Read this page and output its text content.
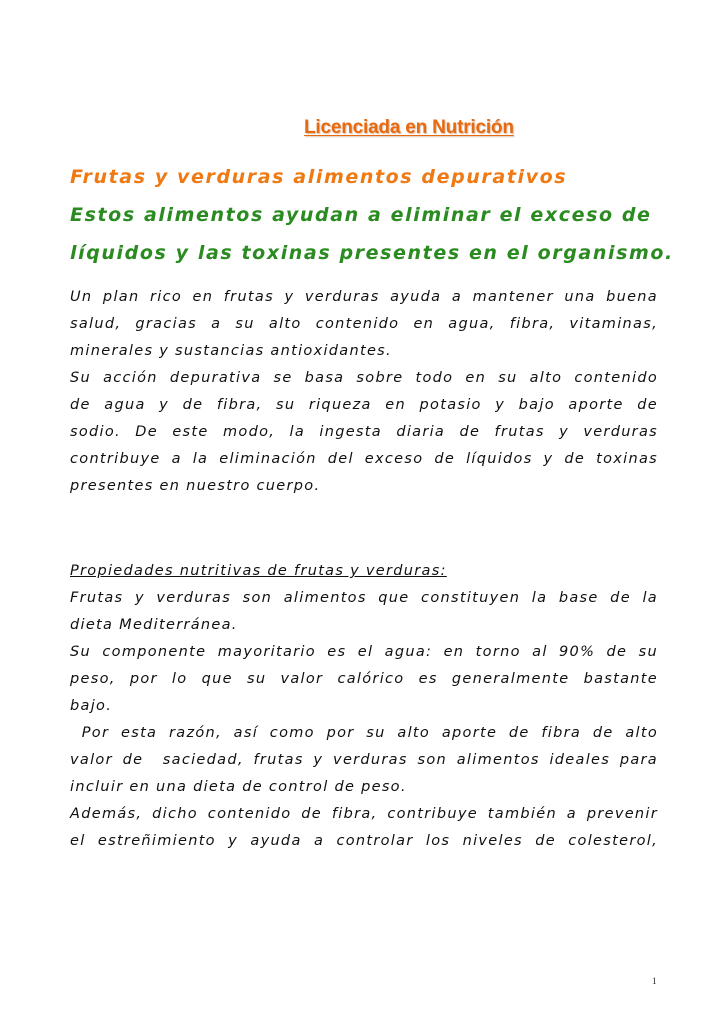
Licenciada en Nutrición
Frutas y verduras alimentos depurativos
Estos alimentos ayudan a eliminar el exceso de
líquidos y las toxinas presentes en el organismo.
Un plan rico en frutas y verduras ayuda a mantener una buena
salud, gracias a su alto contenido en agua, fibra, vitaminas,
minerales y sustancias antioxidantes.
Su acción depurativa se basa sobre todo en su alto contenido
de agua y de fibra, su riqueza en potasio y bajo aporte de
sodio. De este modo, la ingesta diaria de frutas y verduras
contribuye a la eliminación del exceso de líquidos y de toxinas
presentes en nuestro cuerpo.
Propiedades nutritivas de frutas y verduras:
Frutas y verduras son alimentos que constituyen la base de la
dieta Mediterránea.
Su componente mayoritario es el agua: en torno al 90% de su
peso, por lo que su valor calórico es generalmente bastante
bajo.
Por esta razón, así como por su alto aporte de fibra de alto
valor de  saciedad, frutas y verduras son alimentos ideales para
incluir en una dieta de control de peso.
Además, dicho contenido de fibra, contribuye también a prevenir
el estreñimiento y ayuda a controlar los niveles de colesterol,
1
